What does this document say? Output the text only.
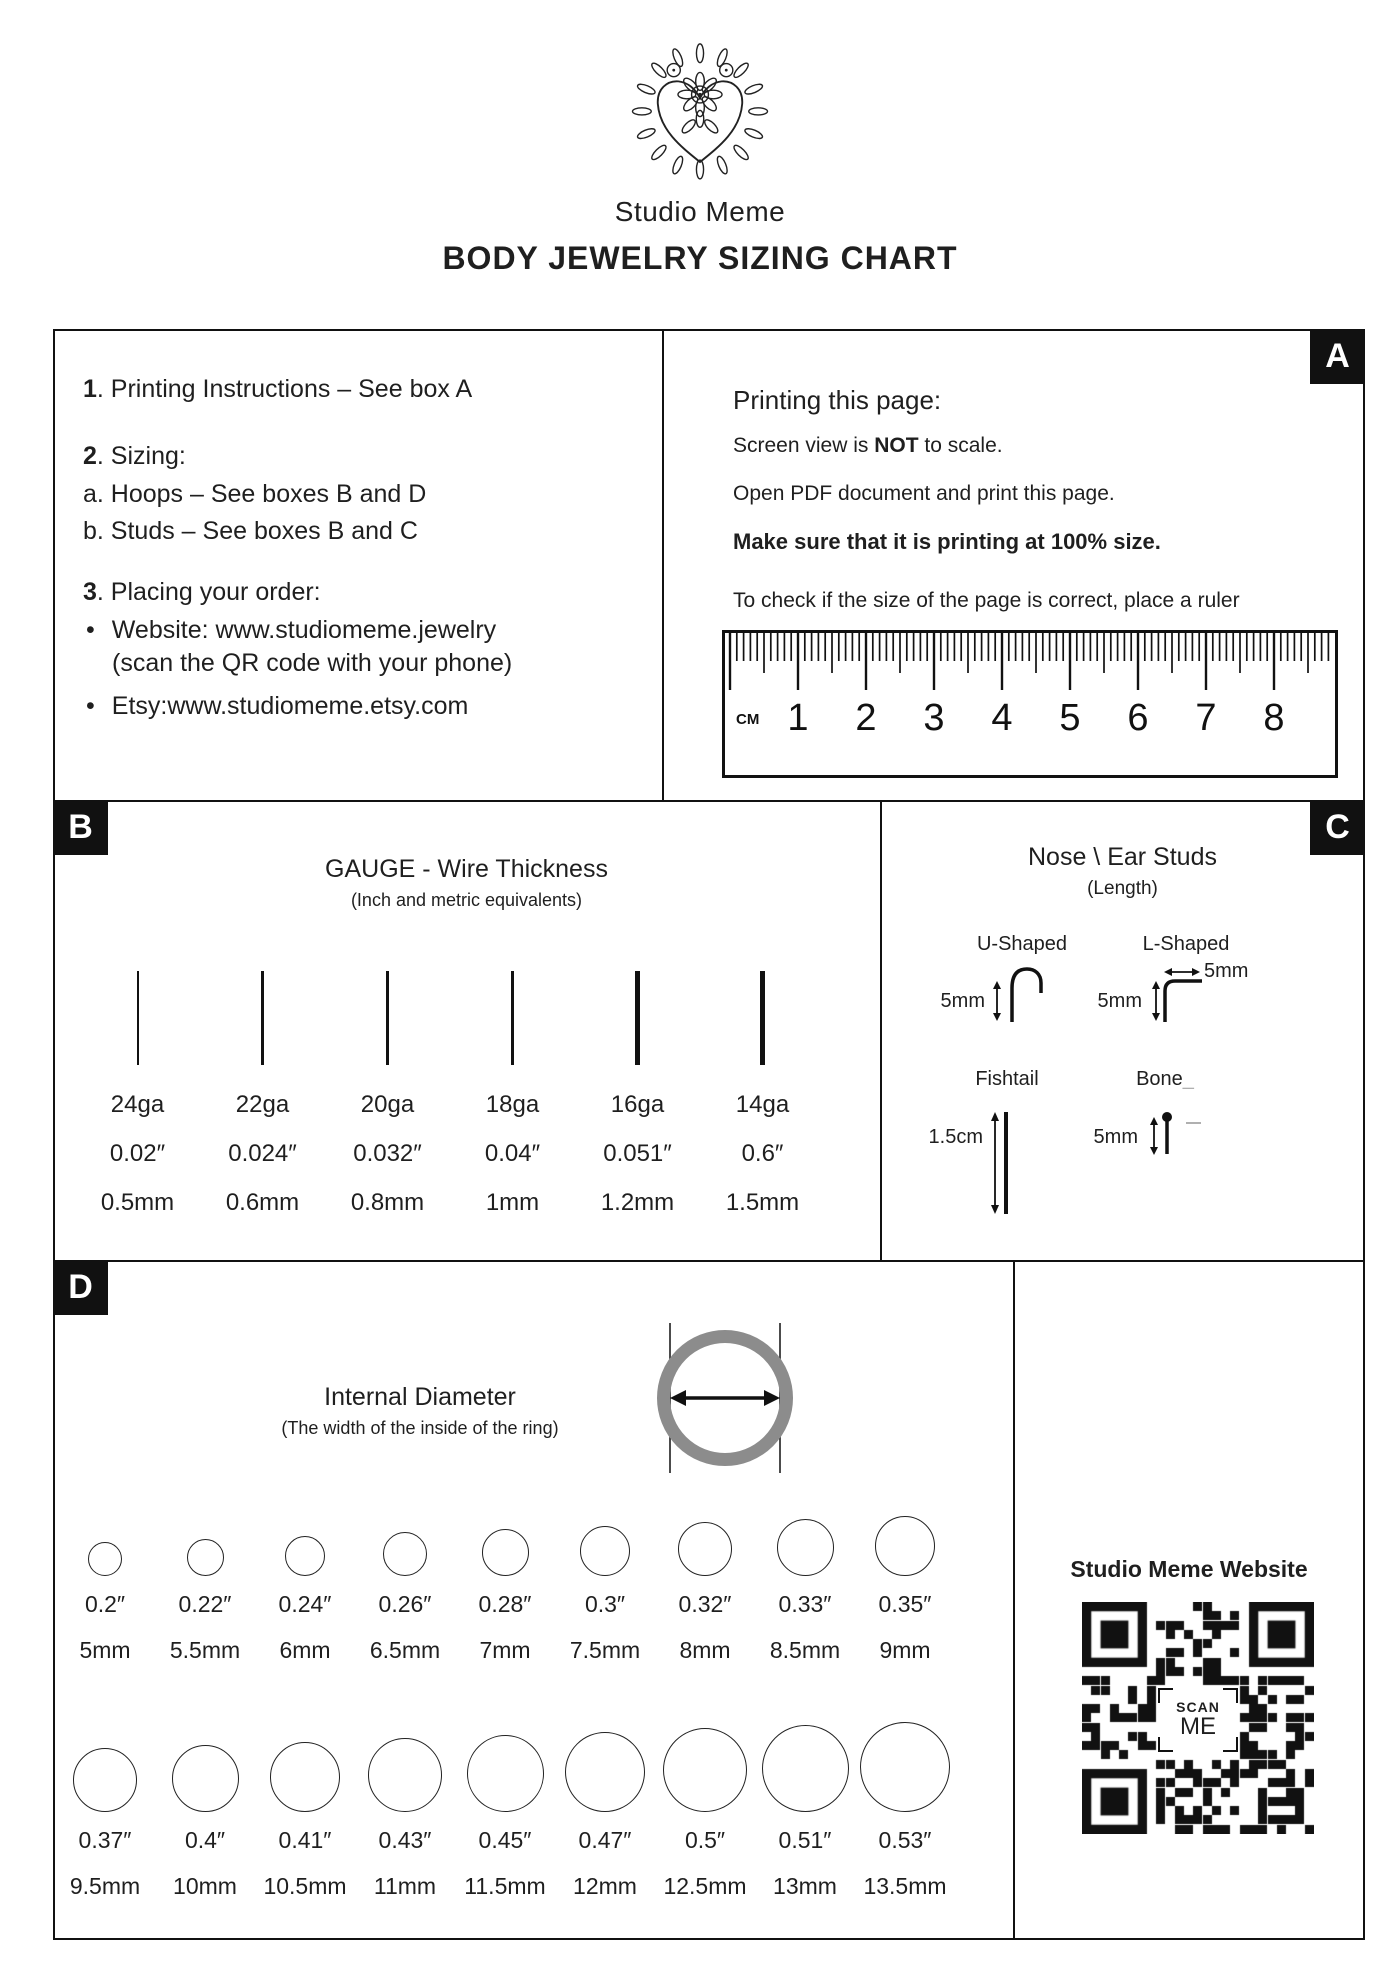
Studio Meme
BODY JEWELRY SIZING CHART
A
B	C
D
1. Printing Instructions – See box A
2. Sizing:
a. Hoops – See boxes B and D
b. Studs – See boxes B and C
3. Placing your order:
• Website: www.studiomeme.jewelry
(scan the QR code with your phone)
• Etsy:www.studiomeme.etsy.com
Printing this page:
Screen view is NOT to scale.
Open PDF document and print this page.
Make sure that it is printing at 100% size.
To check if the size of the page is correct, place a ruler
1 2 3 4 5 6 7 8
CM
GAUGE - Wire Thickness
(Inch and metric equivalents)
24ga
0.02″
0.5mm
22ga
0.024″
0.6mm
20ga
0.032″
0.8mm
18ga
0.04″
1mm
16ga
0.051″
1.2mm
14ga
0.6″
1.5mm
Nose \ Ear Studs
(Length)
U-Shaped
5mm
L-Shaped
5mm
5mm
Fishtail
1.5cm
Bone_
5mm
Internal Diameter
(The width of the inside of the ring)
0.2″
5mm
0.22″
5.5mm
0.24″
6mm
0.26″
6.5mm
0.28″
7mm
0.3″
7.5mm
0.32″
8mm
0.33″
8.5mm
0.35″
9mm
0.37″
9.5mm
0.4″
10mm
0.41″
10.5mm
0.43″
11mm
0.45″
11.5mm
0.47″
12mm
0.5″
12.5mm
0.51″
13mm
0.53″
13.5mm
Studio Meme Website
SCAN
ME
